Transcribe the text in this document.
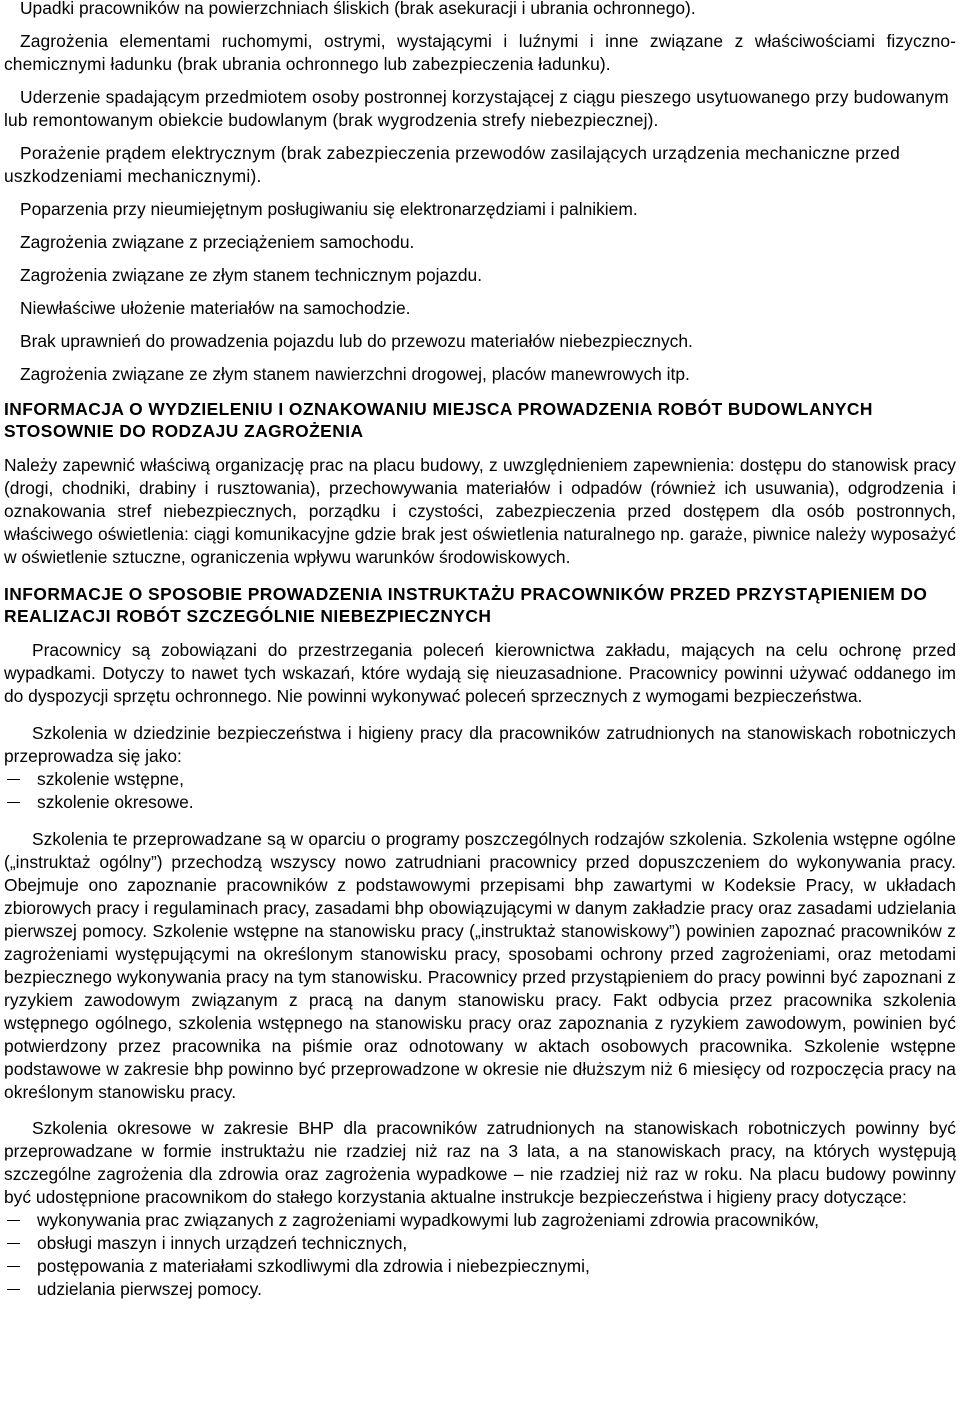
Upadki pracowników na powierzchniach śliskich (brak asekuracji i ubrania ochronnego).

Zagrożenia elementami ruchomymi, ostrymi, wystającymi i luźnymi i inne związane z właściwościami fizyczno-chemicznymi ładunku (brak ubrania ochronnego lub zabezpieczenia ładunku).

Uderzenie spadającym przedmiotem osoby postronnej korzystającej z ciągu pieszego usytuowanego przy budowanym lub remontowanym obiekcie budowlanym (brak wygrodzenia strefy niebezpiecznej).

Porażenie prądem elektrycznym (brak zabezpieczenia przewodów zasilających urządzenia mechaniczne przed uszkodzeniami mechanicznymi).

Poparzenia przy nieumiejętnym posługiwaniu się elektronarzędziami i palnikiem.

Zagrożenia związane z przeciążeniem samochodu.

Zagrożenia związane ze złym stanem technicznym pojazdu.

Niewłaściwe ułożenie materiałów na samochodzie.

Brak uprawnień do prowadzenia pojazdu lub do przewozu materiałów niebezpiecznych.

Zagrożenia związane ze złym stanem nawierzchni drogowej, placów manewrowych itp.

INFORMACJA O WYDZIELENIU I OZNAKOWANIU MIEJSCA PROWADZENIA ROBÓT BUDOWLANYCH STOSOWNIE DO RODZAJU ZAGROŻENIA

Należy zapewnić właściwą organizację prac na placu budowy, z uwzględnieniem zapewnienia: dostępu do stanowisk pracy (drogi, chodniki, drabiny i rusztowania), przechowywania materiałów i odpadów (również ich usuwania), odgrodzenia i oznakowania stref niebezpiecznych, porządku i czystości, zabezpieczenia przed dostępem dla osób postronnych, właściwego oświetlenia: ciągi komunikacyjne gdzie brak jest oświetlenia naturalnego np. garaże, piwnice należy wyposażyć w oświetlenie sztuczne, ograniczenia wpływu warunków środowiskowych.

INFORMACJE O SPOSOBIE PROWADZENIA INSTRUKTAŻU PRACOWNIKÓW PRZED PRZYSTĄPIENIEM DO REALIZACJI ROBÓT SZCZEGÓLNIE NIEBEZPIECZNYCH

Pracownicy są zobowiązani do przestrzegania poleceń kierownictwa zakładu, mających na celu ochronę przed wypadkami. Dotyczy to nawet tych wskazań, które wydają się nieuzasadnione. Pracownicy powinni używać oddanego im do dyspozycji sprzętu ochronnego. Nie powinni wykonywać poleceń sprzecznych z wymogami bezpieczeństwa.

Szkolenia w dziedzinie bezpieczeństwa i higieny pracy dla pracowników zatrudnionych na stanowiskach robotniczych przeprowadza się jako:

szkolenie wstępne,
szkolenie okresowe.

Szkolenia te przeprowadzane są w oparciu o programy poszczególnych rodzajów szkolenia. Szkolenia wstępne ogólne („instruktaż ogólny”) przechodzą wszyscy nowo zatrudniani pracownicy przed dopuszczeniem do wykonywania pracy. Obejmuje ono zapoznanie pracowników z podstawowymi przepisami bhp zawartymi w Kodeksie Pracy, w układach zbiorowych pracy i regulaminach pracy, zasadami bhp obowiązującymi w danym zakładzie pracy oraz zasadami udzielania pierwszej pomocy. Szkolenie wstępne na stanowisku pracy („instruktaż stanowiskowy”) powinien zapoznać pracowników z zagrożeniami występującymi na określonym stanowisku pracy, sposobami ochrony przed zagrożeniami, oraz metodami bezpiecznego wykonywania pracy na tym stanowisku. Pracownicy przed przystąpieniem do pracy powinni być zapoznani z ryzykiem zawodowym związanym z pracą na danym stanowisku pracy. Fakt odbycia przez pracownika szkolenia wstępnego ogólnego, szkolenia wstępnego na stanowisku pracy oraz zapoznania z ryzykiem zawodowym, powinien być potwierdzony przez pracownika na piśmie oraz odnotowany w aktach osobowych pracownika. Szkolenie wstępne podstawowe w zakresie bhp powinno być przeprowadzone w okresie nie dłuższym niż 6 miesięcy od rozpoczęcia pracy na określonym stanowisku pracy.

Szkolenia okresowe w zakresie BHP dla pracowników zatrudnionych na stanowiskach robotniczych powinny być przeprowadzane w formie instruktażu nie rzadziej niż raz na 3 lata, a na stanowiskach pracy, na których występują szczególne zagrożenia dla zdrowia oraz zagrożenia wypadkowe – nie rzadziej niż raz w roku. Na placu budowy powinny być udostępnione pracownikom do stałego korzystania aktualne instrukcje bezpieczeństwa i higieny pracy dotyczące:

wykonywania prac związanych z zagrożeniami wypadkowymi lub zagrożeniami zdrowia pracowników,
obsługi maszyn i innych urządzeń technicznych,
postępowania z materiałami szkodliwymi dla zdrowia i niebezpiecznymi,
udzielania pierwszej pomocy.
